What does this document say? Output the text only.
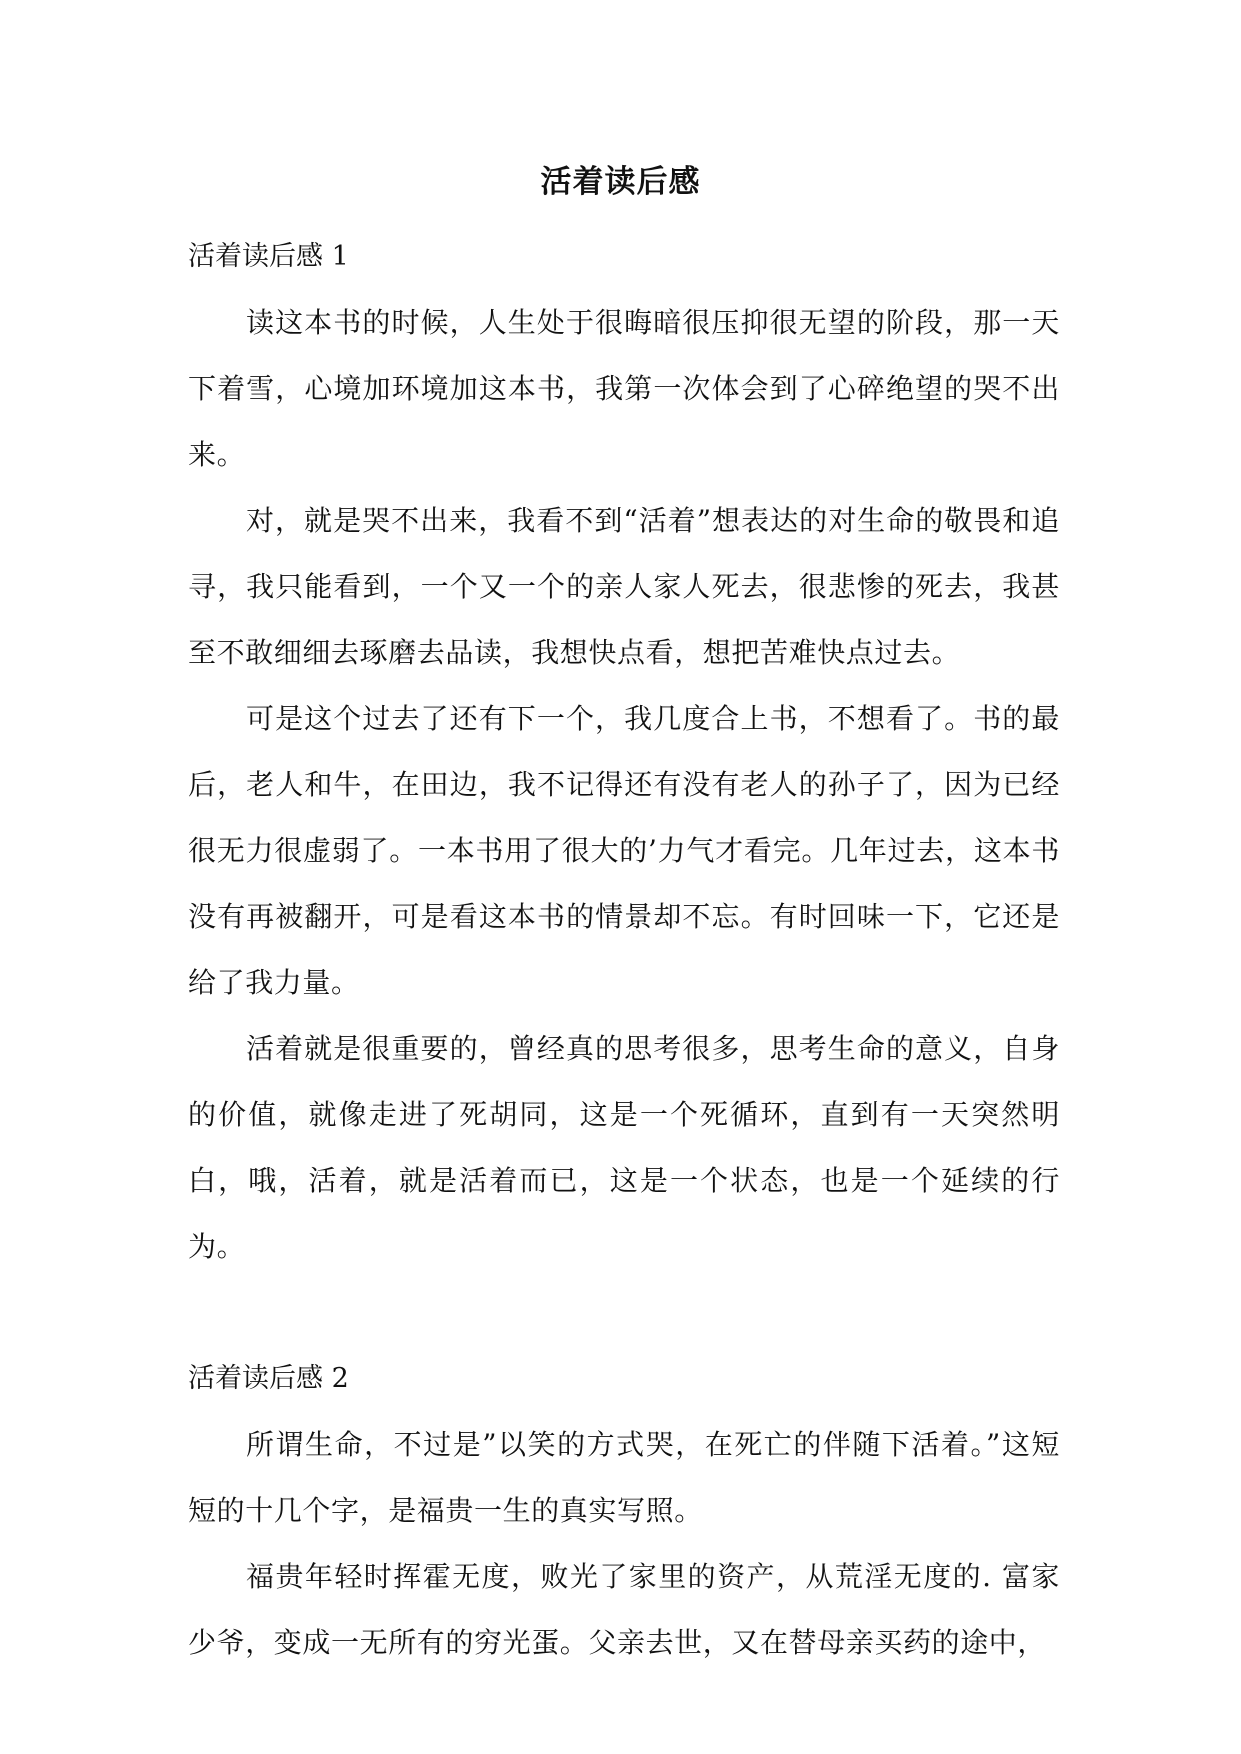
活着读后感

活着读后感 1

读这本书的时候，人生处于很晦暗很压抑很无望的阶段，那一天下着雪，心境加环境加这本书，我第一次体会到了心碎绝望的哭不出来。

对，就是哭不出来，我看不到“活着”想表达的对生命的敬畏和追寻，我只能看到，一个又一个的亲人家人死去，很悲惨的死去，我甚至不敢细细去琢磨去品读，我想快点看，想把苦难快点过去。

可是这个过去了还有下一个，我几度合上书，不想看了。书的最后，老人和牛，在田边，我不记得还有没有老人的孙子了，因为已经很无力很虚弱了。一本书用了很大的’力气才看完。几年过去，这本书没有再被翻开，可是看这本书的情景却不忘。有时回味一下，它还是给了我力量。

活着就是很重要的，曾经真的思考很多，思考生命的意义，自身的价值，就像走进了死胡同，这是一个死循环，直到有一天突然明白，哦，活着，就是活着而已，这是一个状态，也是一个延续的行为。

活着读后感 2

所谓生命，不过是”以笑的方式哭，在死亡的伴随下活着。”这短短的十几个字，是福贵一生的真实写照。

福贵年轻时挥霍无度，败光了家里的资产，从荒淫无度的. 富家少爷，变成一无所有的穷光蛋。父亲去世，又在替母亲买药的途中，
